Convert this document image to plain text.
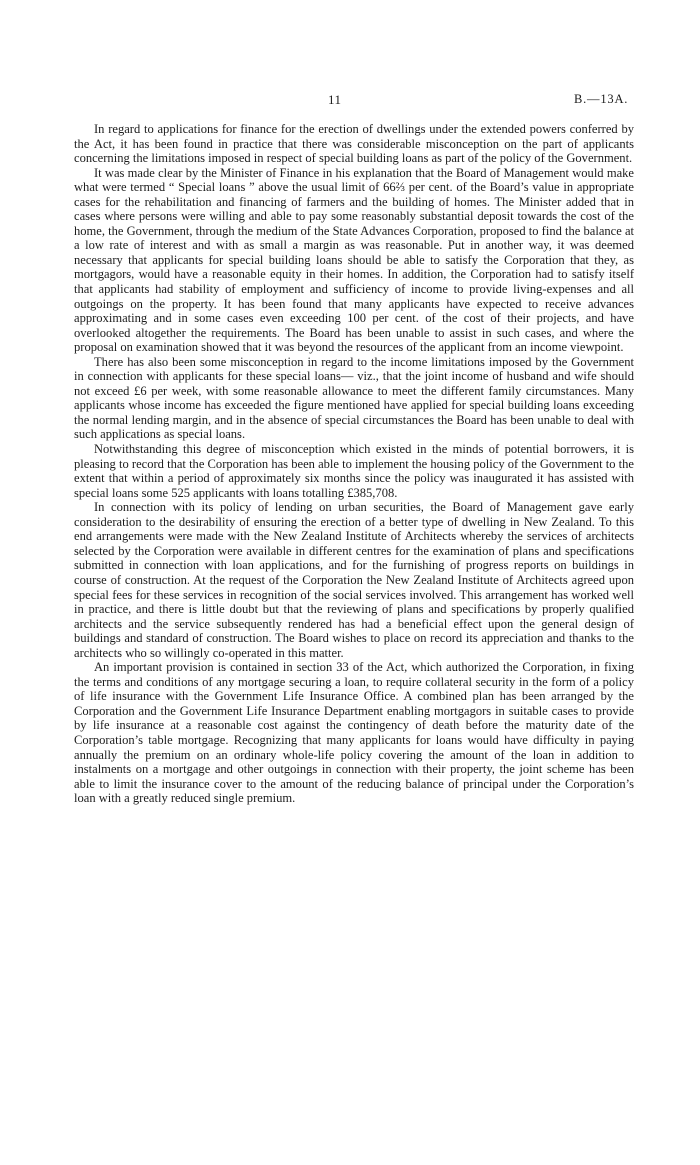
11	B.—13A.

In regard to applications for finance for the erection of dwellings under the extended powers conferred by the Act, it has been found in practice that there was considerable misconception on the part of applicants concerning the limitations imposed in respect of special building loans as part of the policy of the Government.

It was made clear by the Minister of Finance in his explanation that the Board of Management would make what were termed “ Special loans ” above the usual limit of 66⅔ per cent. of the Board’s value in appropriate cases for the rehabilitation and financing of farmers and the building of homes. The Minister added that in cases where persons were willing and able to pay some reasonably substantial deposit towards the cost of the home, the Government, through the medium of the State Advances Corporation, proposed to find the balance at a low rate of interest and with as small a margin as was reasonable. Put in another way, it was deemed necessary that applicants for special building loans should be able to satisfy the Corporation that they, as mortgagors, would have a reasonable equity in their homes. In addition, the Corporation had to satisfy itself that applicants had stability of employment and sufficiency of income to provide living-expenses and all outgoings on the property. It has been found that many applicants have expected to receive advances approximating and in some cases even exceeding 100 per cent. of the cost of their projects, and have overlooked altogether the requirements. The Board has been unable to assist in such cases, and where the proposal on examination showed that it was beyond the resources of the applicant from an income viewpoint.

There has also been some misconception in regard to the income limitations imposed by the Government in connection with applicants for these special loans— viz., that the joint income of husband and wife should not exceed £6 per week, with some reasonable allowance to meet the different family circumstances. Many applicants whose income has exceeded the figure mentioned have applied for special building loans exceeding the normal lending margin, and in the absence of special circumstances the Board has been unable to deal with such applications as special loans.

Notwithstanding this degree of misconception which existed in the minds of potential borrowers, it is pleasing to record that the Corporation has been able to implement the housing policy of the Government to the extent that within a period of approximately six months since the policy was inaugurated it has assisted with special loans some 525 applicants with loans totalling £385,708.

In connection with its policy of lending on urban securities, the Board of Management gave early consideration to the desirability of ensuring the erection of a better type of dwelling in New Zealand. To this end arrangements were made with the New Zealand Institute of Architects whereby the services of architects selected by the Corporation were available in different centres for the examination of plans and specifications submitted in connection with loan applications, and for the furnishing of progress reports on buildings in course of construction. At the request of the Corporation the New Zealand Institute of Architects agreed upon special fees for these services in recognition of the social services involved. This arrangement has worked well in practice, and there is little doubt but that the reviewing of plans and specifications by properly qualified architects and the service subsequently rendered has had a beneficial effect upon the general design of buildings and standard of construction. The Board wishes to place on record its appreciation and thanks to the architects who so willingly co-operated in this matter.

An important provision is contained in section 33 of the Act, which authorized the Corporation, in fixing the terms and conditions of any mortgage securing a loan, to require collateral security in the form of a policy of life insurance with the Government Life Insurance Office. A combined plan has been arranged by the Corporation and the Government Life Insurance Department enabling mortgagors in suitable cases to provide by life insurance at a reasonable cost against the contingency of death before the maturity date of the Corporation’s table mortgage. Recognizing that many applicants for loans would have difficulty in paying annually the premium on an ordinary whole-life policy covering the amount of the loan in addition to instalments on a mortgage and other outgoings in connection with their property, the joint scheme has been able to limit the insurance cover to the amount of the reducing balance of principal under the Corporation’s loan with a greatly reduced single premium.
